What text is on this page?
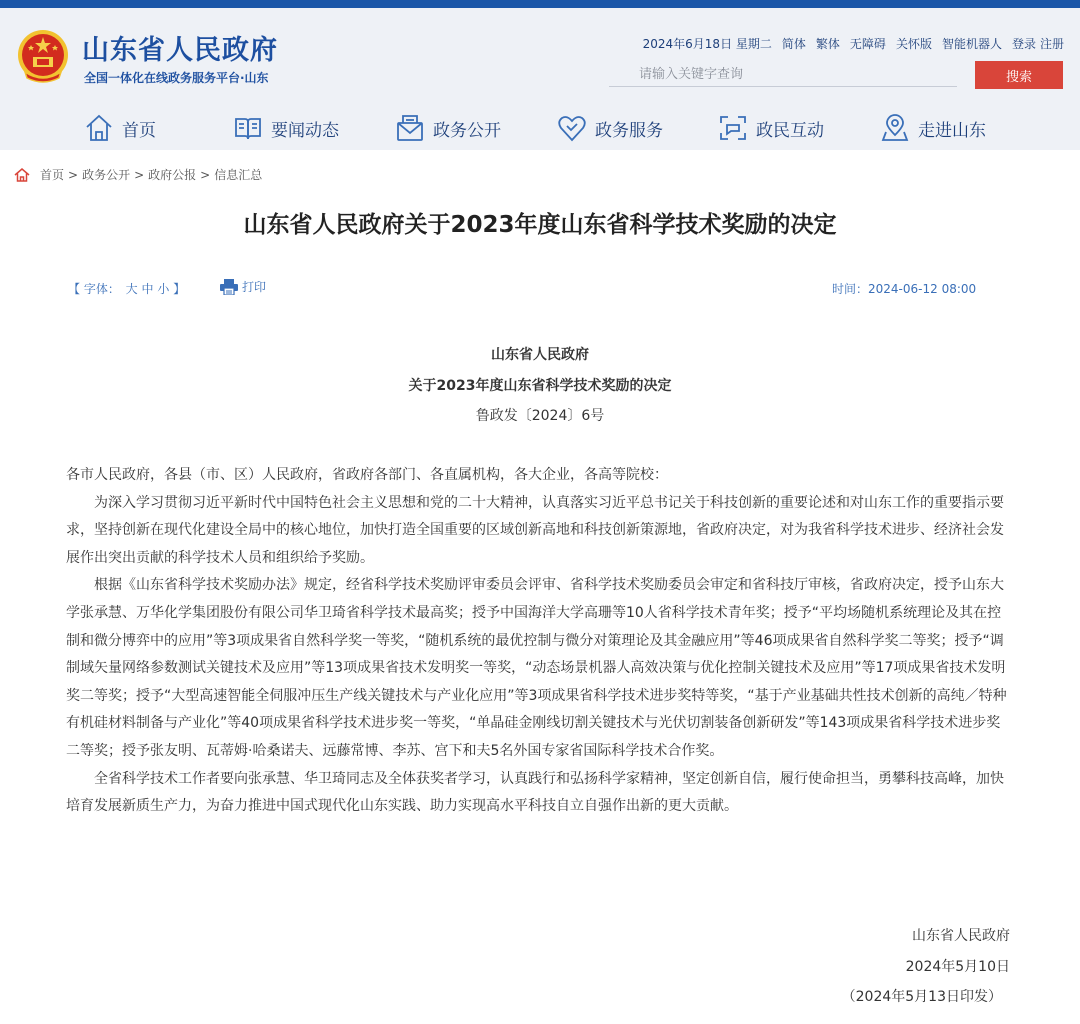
山东省人民政府
全国一体化在线政务服务平台·山东
2024年6月18日 星期二 简体 繁体 无障碍 关怀版 智能机器人 登录 注册
请输入关键字查询
搜索
首页	要闻动态	政务公开	政务服务	政民互动	走进山东
首页 > 政务公开 > 政府公报 > 信息汇总
山东省人民政府关于2023年度山东省科学技术奖励的决定
【 字体： 大 中 小 】	打印	时间：2024-06-12 08:00
山东省人民政府
关于2023年度山东省科学技术奖励的决定
鲁政发〔2024〕6号

各市人民政府，各县（市、区）人民政府，省政府各部门、各直属机构，各大企业，各高等院校：

为深入学习贯彻习近平新时代中国特色社会主义思想和党的二十大精神，认真落实习近平总书记关于科技创新的重要论述和对山东工作的重要指示要求，坚持创新在现代化建设全局中的核心地位，加快打造全国重要的区域创新高地和科技创新策源地，省政府决定，对为我省科学技术进步、经济社会发展作出突出贡献的科学技术人员和组织给予奖励。

根据《山东省科学技术奖励办法》规定，经省科学技术奖励评审委员会评审、省科学技术奖励委员会审定和省科技厅审核，省政府决定，授予山东大学张承慧、万华化学集团股份有限公司华卫琦省科学技术最高奖；授予中国海洋大学高珊等10人省科学技术青年奖；授予“平均场随机系统理论及其在控制和微分博弈中的应用”等3项成果省自然科学奖一等奖，“随机系统的最优控制与微分对策理论及其金融应用”等46项成果省自然科学奖二等奖；授予“调制域矢量网络参数测试关键技术及应用”等13项成果省技术发明奖一等奖，“动态场景机器人高效决策与优化控制关键技术及应用”等17项成果省技术发明奖二等奖；授予“大型高速智能全伺服冲压生产线关键技术与产业化应用”等3项成果省科学技术进步奖特等奖，“基于产业基础共性技术创新的高纯／特种有机硅材料制备与产业化”等40项成果省科学技术进步奖一等奖，“单晶硅金刚线切割关键技术与光伏切割装备创新研发”等143项成果省科学技术进步奖二等奖；授予张友明、瓦蒂姆·哈桑诺夫、远藤常博、李苏、宫下和夫5名外国专家省国际科学技术合作奖。

全省科学技术工作者要向张承慧、华卫琦同志及全体获奖者学习，认真践行和弘扬科学家精神，坚定创新自信，履行使命担当，勇攀科技高峰，加快培育发展新质生产力，为奋力推进中国式现代化山东实践、助力实现高水平科技自立自强作出新的更大贡献。

山东省人民政府
2024年5月10日
（2024年5月13日印发）
